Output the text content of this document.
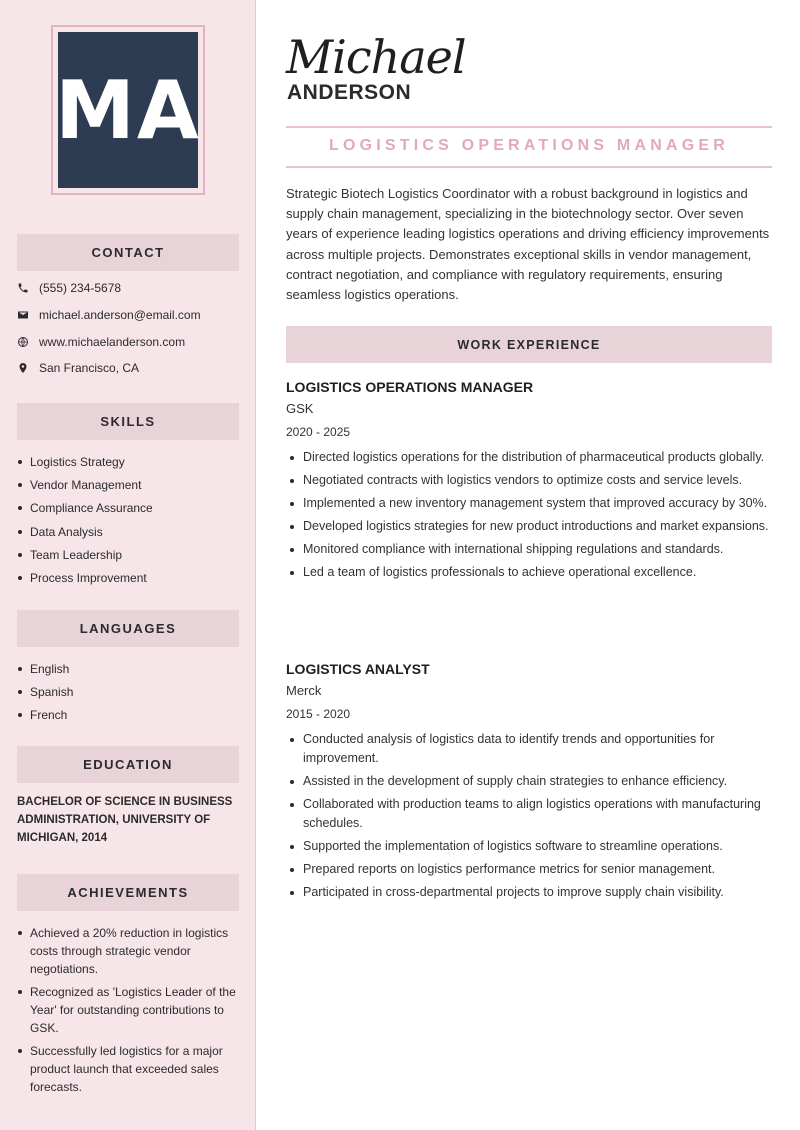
MA
CONTACT
(555) 234-5678
michael.anderson@email.com
www.michaelanderson.com
San Francisco, CA
SKILLS
Logistics Strategy
Vendor Management
Compliance Assurance
Data Analysis
Team Leadership
Process Improvement
LANGUAGES
English
Spanish
French
EDUCATION
BACHELOR OF SCIENCE IN BUSINESS ADMINISTRATION, UNIVERSITY OF MICHIGAN, 2014
ACHIEVEMENTS
Achieved a 20% reduction in logistics costs through strategic vendor negotiations.
Recognized as 'Logistics Leader of the Year' for outstanding contributions to GSK.
Successfully led logistics for a major product launch that exceeded sales forecasts.
Michael
ANDERSON
LOGISTICS OPERATIONS MANAGER
Strategic Biotech Logistics Coordinator with a robust background in logistics and supply chain management, specializing in the biotechnology sector. Over seven years of experience leading logistics operations and driving efficiency improvements across multiple projects. Demonstrates exceptional skills in vendor management, contract negotiation, and compliance with regulatory requirements, ensuring seamless logistics operations.
WORK EXPERIENCE
LOGISTICS OPERATIONS MANAGER
GSK
2020 - 2025
Directed logistics operations for the distribution of pharmaceutical products globally.
Negotiated contracts with logistics vendors to optimize costs and service levels.
Implemented a new inventory management system that improved accuracy by 30%.
Developed logistics strategies for new product introductions and market expansions.
Monitored compliance with international shipping regulations and standards.
Led a team of logistics professionals to achieve operational excellence.
LOGISTICS ANALYST
Merck
2015 - 2020
Conducted analysis of logistics data to identify trends and opportunities for improvement.
Assisted in the development of supply chain strategies to enhance efficiency.
Collaborated with production teams to align logistics operations with manufacturing schedules.
Supported the implementation of logistics software to streamline operations.
Prepared reports on logistics performance metrics for senior management.
Participated in cross-departmental projects to improve supply chain visibility.
